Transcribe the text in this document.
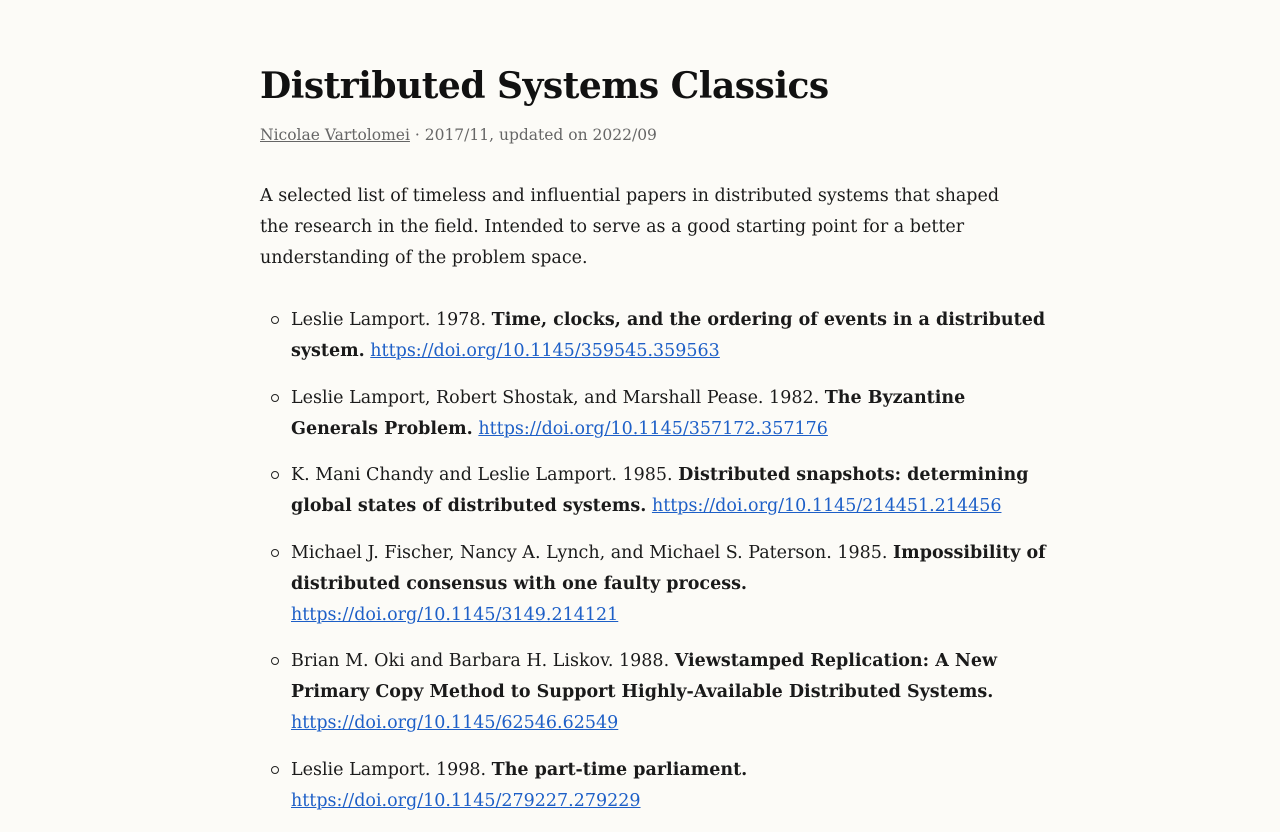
Distributed Systems Classics
Nicolae Vartolomei · 2017/11, updated on 2022/09

A selected list of timeless and influential papers in distributed systems that shaped the research in the field. Intended to serve as a good starting point for a better understanding of the problem space.

Leslie Lamport. 1978. Time, clocks, and the ordering of events in a distributed system. https://doi.org/10.1145/359545.359563
Leslie Lamport, Robert Shostak, and Marshall Pease. 1982. The Byzantine Generals Problem. https://doi.org/10.1145/357172.357176
K. Mani Chandy and Leslie Lamport. 1985. Distributed snapshots: determining global states of distributed systems. https://doi.org/10.1145/214451.214456
Michael J. Fischer, Nancy A. Lynch, and Michael S. Paterson. 1985. Impossibility of distributed consensus with one faulty process. https://doi.org/10.1145/3149.214121
Brian M. Oki and Barbara H. Liskov. 1988. Viewstamped Replication: A New Primary Copy Method to Support Highly-Available Distributed Systems. https://doi.org/10.1145/62546.62549
Leslie Lamport. 1998. The part-time parliament. https://doi.org/10.1145/279227.279229
